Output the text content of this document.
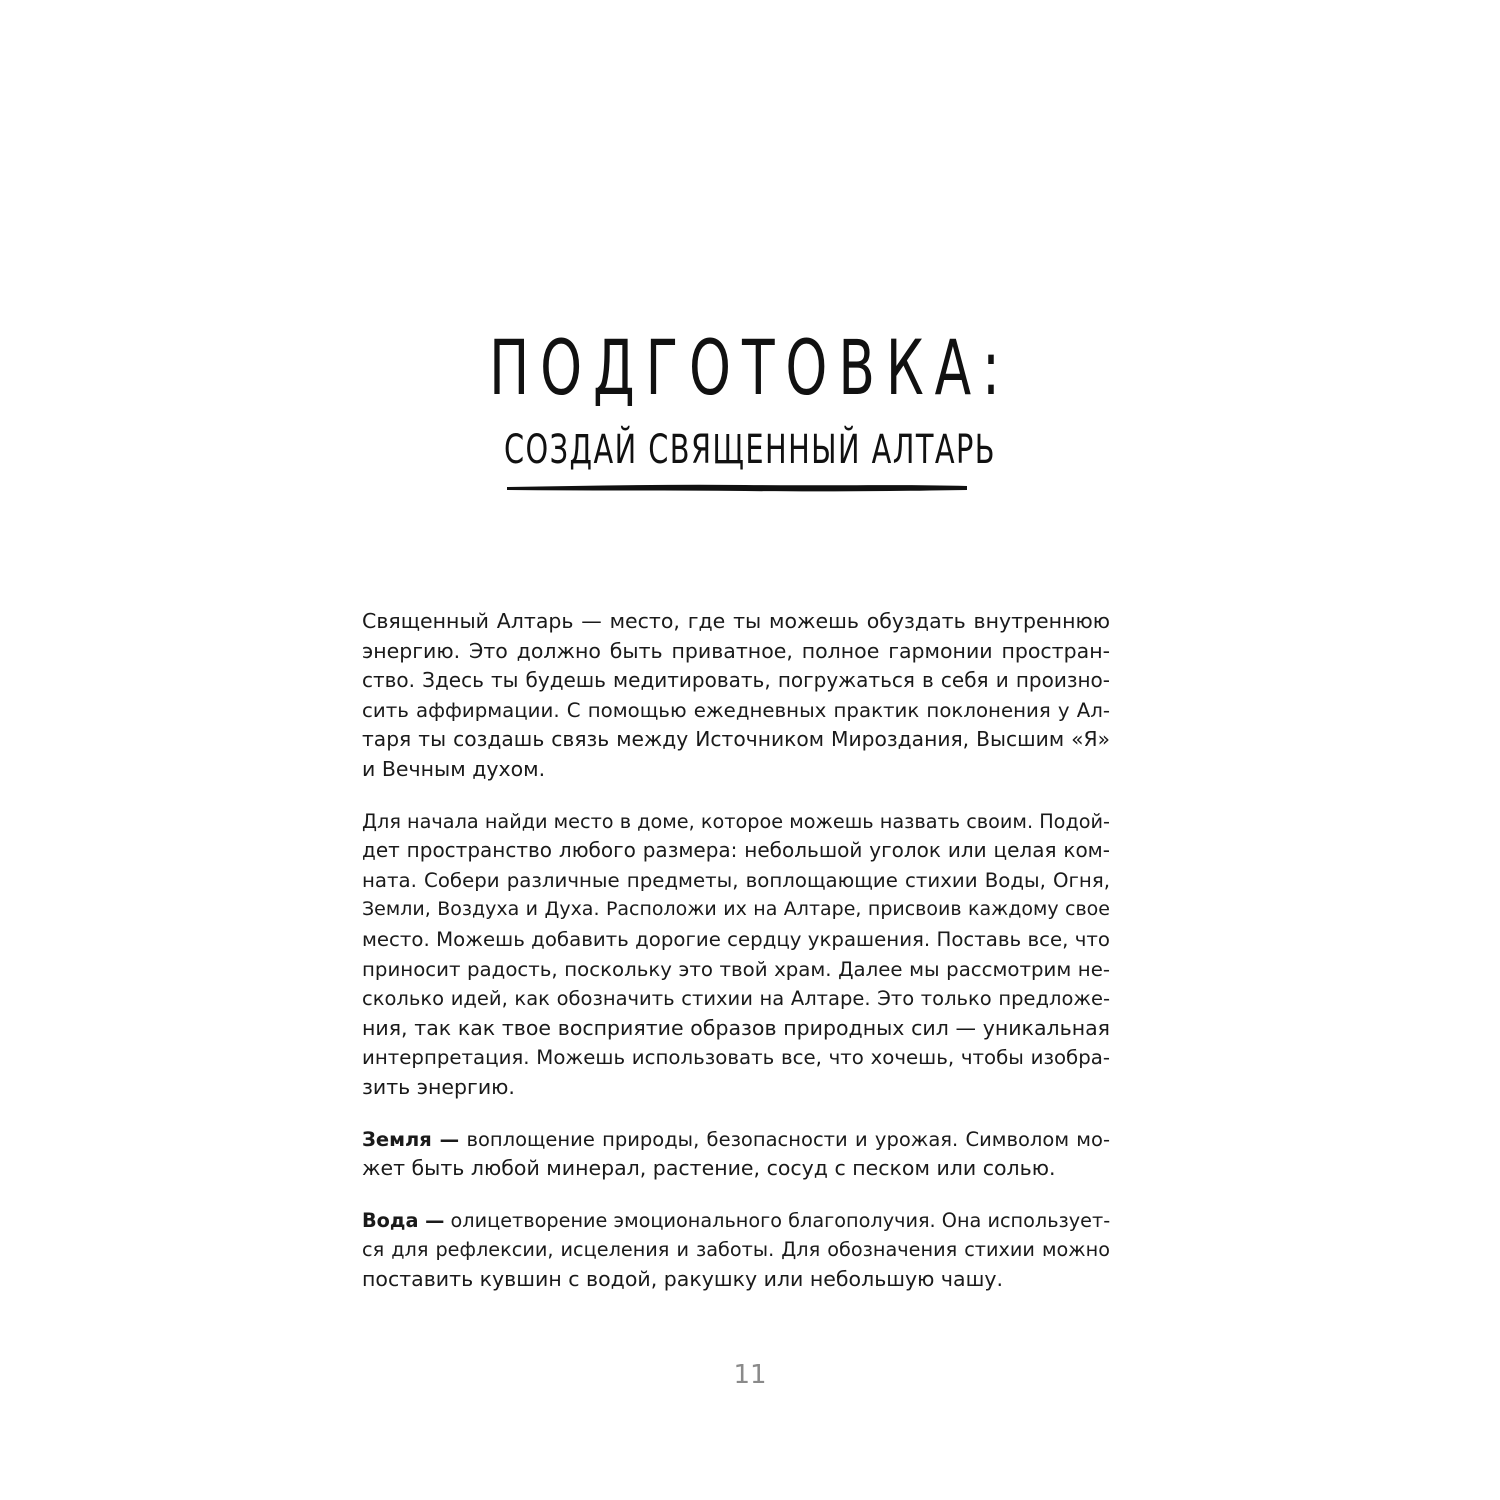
ПОДГОТОВКА:
СОЗДАЙ СВЯЩЕННЫЙ АЛТАРЬ
Священный Алтарь — место, где ты можешь обуздать внутреннюю
энергию. Это должно быть приватное, полное гармонии простран-
ство. Здесь ты будешь медитировать, погружаться в себя и произно-
сить аффирмации. С помощью ежедневных практик поклонения у Ал-
таря ты создашь связь между Источником Мироздания, Высшим «Я»
и Вечным духом.
Для начала найди место в доме, которое можешь назвать своим. Подой-
дет пространство любого размера: небольшой уголок или целая ком-
ната. Собери различные предметы, воплощающие стихии Воды, Огня,
Земли, Воздуха и Духа. Расположи их на Алтаре, присвоив каждому свое
место. Можешь добавить дорогие сердцу украшения. Поставь все, что
приносит радость, поскольку это твой храм. Далее мы рассмотрим не-
сколько идей, как обозначить стихии на Алтаре. Это только предложе-
ния, так как твое восприятие образов природных сил — уникальная
интерпретация. Можешь использовать все, что хочешь, чтобы изобра-
зить энергию.
Земля — воплощение природы, безопасности и урожая. Символом мо-
жет быть любой минерал, растение, сосуд с песком или солью.
Вода — олицетворение эмоционального благополучия. Она использует-
ся для рефлексии, исцеления и заботы. Для обозначения стихии можно
поставить кувшин с водой, ракушку или небольшую чашу.
11
